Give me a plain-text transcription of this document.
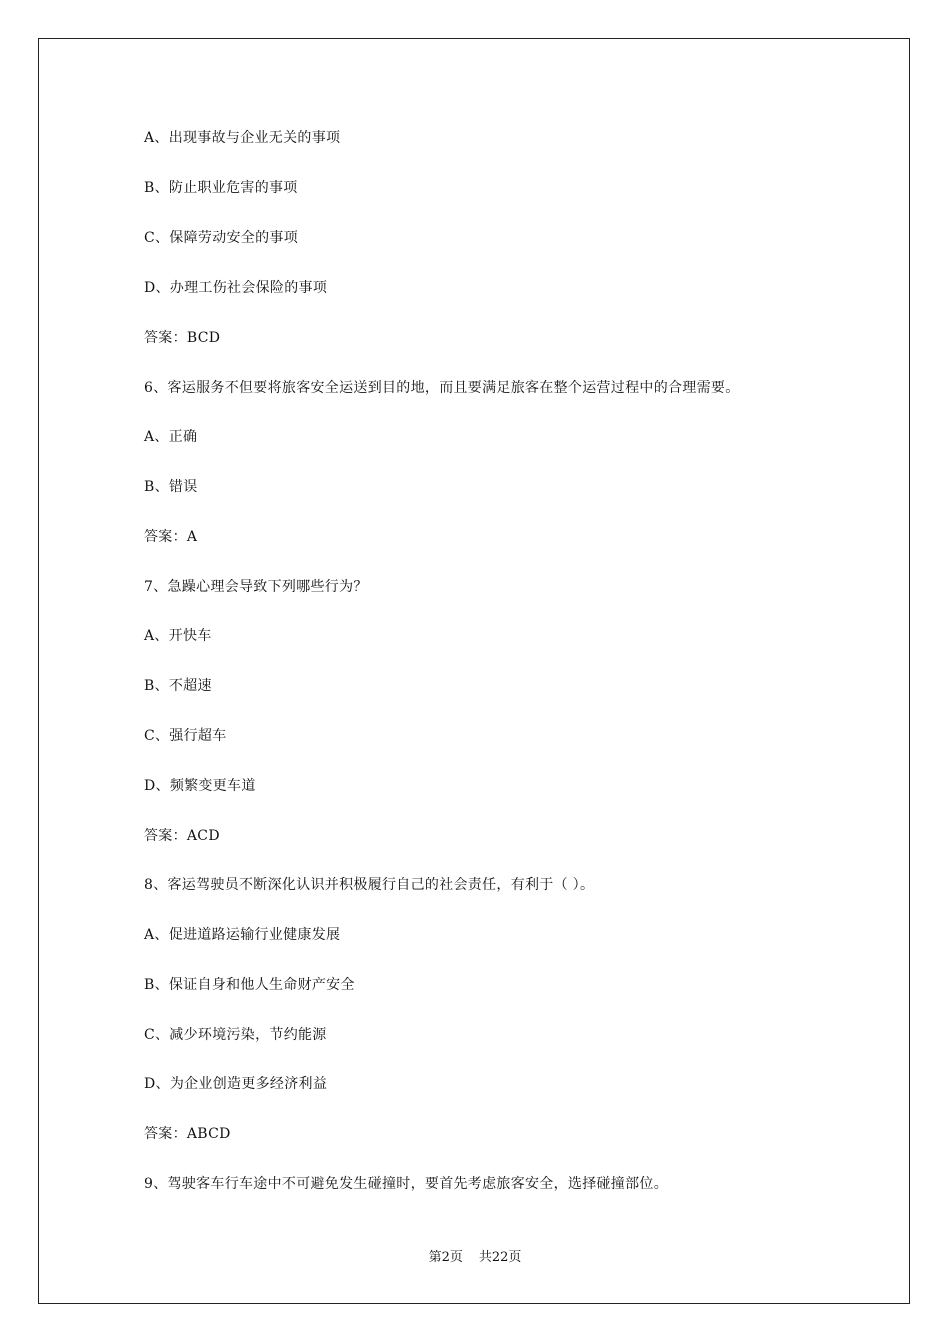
A、出现事故与企业无关的事项
B、防止职业危害的事项
C、保障劳动安全的事项
D、办理工伤社会保险的事项
答案：BCD
6、客运服务不但要将旅客安全运送到目的地，而且要满足旅客在整个运营过程中的合理需要。
A、正确
B、错误
答案：A
7、急躁心理会导致下列哪些行为？
A、开快车
B、不超速
C、强行超车
D、频繁变更车道
答案：ACD
8、客运驾驶员不断深化认识并积极履行自己的社会责任，有利于（ ）。
A、促进道路运输行业健康发展
B、保证自身和他人生命财产安全
C、减少环境污染，节约能源
D、为企业创造更多经济利益
答案：ABCD
9、驾驶客车行车途中不可避免发生碰撞时，要首先考虑旅客安全，选择碰撞部位。
第2页 共22页
